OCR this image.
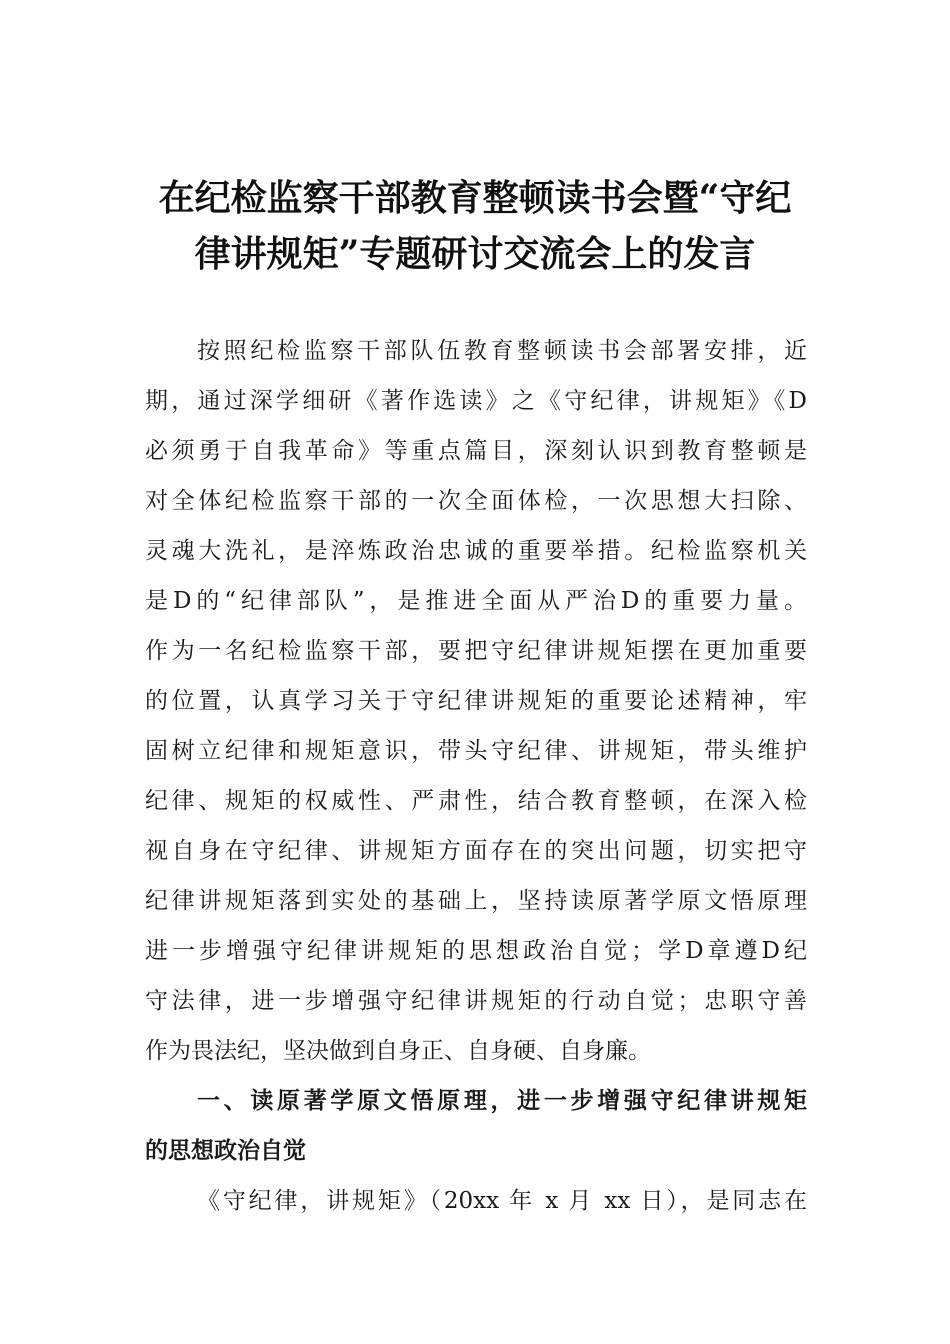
在纪检监察干部教育整顿读书会暨“守纪
律讲规矩”专题研讨交流会上的发言
按照纪检监察干部队伍教育整顿读书会部署安排，近
期，通过深学细研《著作选读》之《守纪律，讲规矩》《D
必须勇于自我革命》等重点篇目，深刻认识到教育整顿是
对全体纪检监察干部的一次全面体检，一次思想大扫除、
灵魂大洗礼，是淬炼政治忠诚的重要举措。纪检监察机关
是D的“纪律部队”，是推进全面从严治D的重要力量。
作为一名纪检监察干部，要把守纪律讲规矩摆在更加重要
的位置，认真学习关于守纪律讲规矩的重要论述精神，牢
固树立纪律和规矩意识，带头守纪律、讲规矩，带头维护
纪律、规矩的权威性、严肃性，结合教育整顿，在深入检
视自身在守纪律、讲规矩方面存在的突出问题，切实把守
纪律讲规矩落到实处的基础上，坚持读原著学原文悟原理
进一步增强守纪律讲规矩的思想政治自觉；学D章遵D纪
守法律，进一步增强守纪律讲规矩的行动自觉；忠职守善
作为畏法纪，坚决做到自身正、自身硬、自身廉。
一、读原著学原文悟原理，进一步增强守纪律讲规矩
的思想政治自觉
《守纪律，讲规矩》（20xx 年 x 月 xx 日），是同志在
